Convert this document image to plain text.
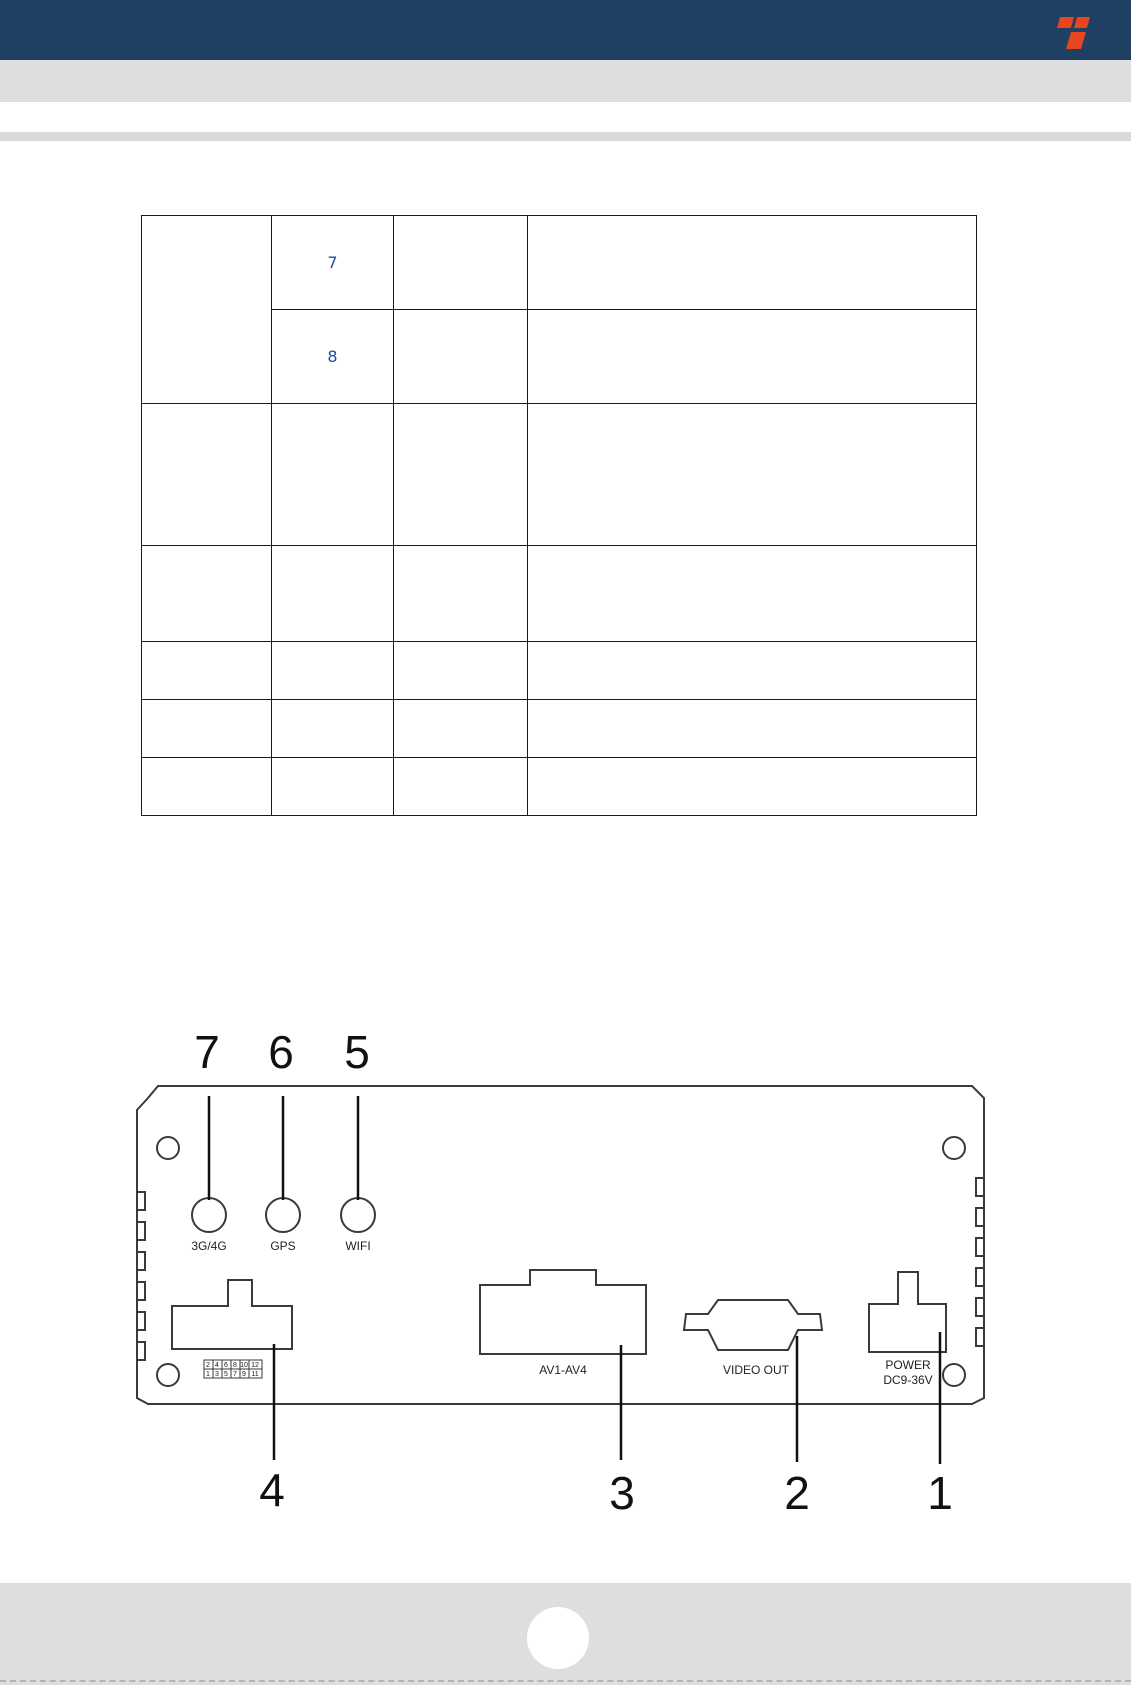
	7		
	8		

3G/4G	GPS	WIFI
AV1-AV4	VIDEO OUT	POWER
DC9-36V
2 4 6 8 10 12
1 3 5 7 9 11
7 6 5
4	3	2	1
